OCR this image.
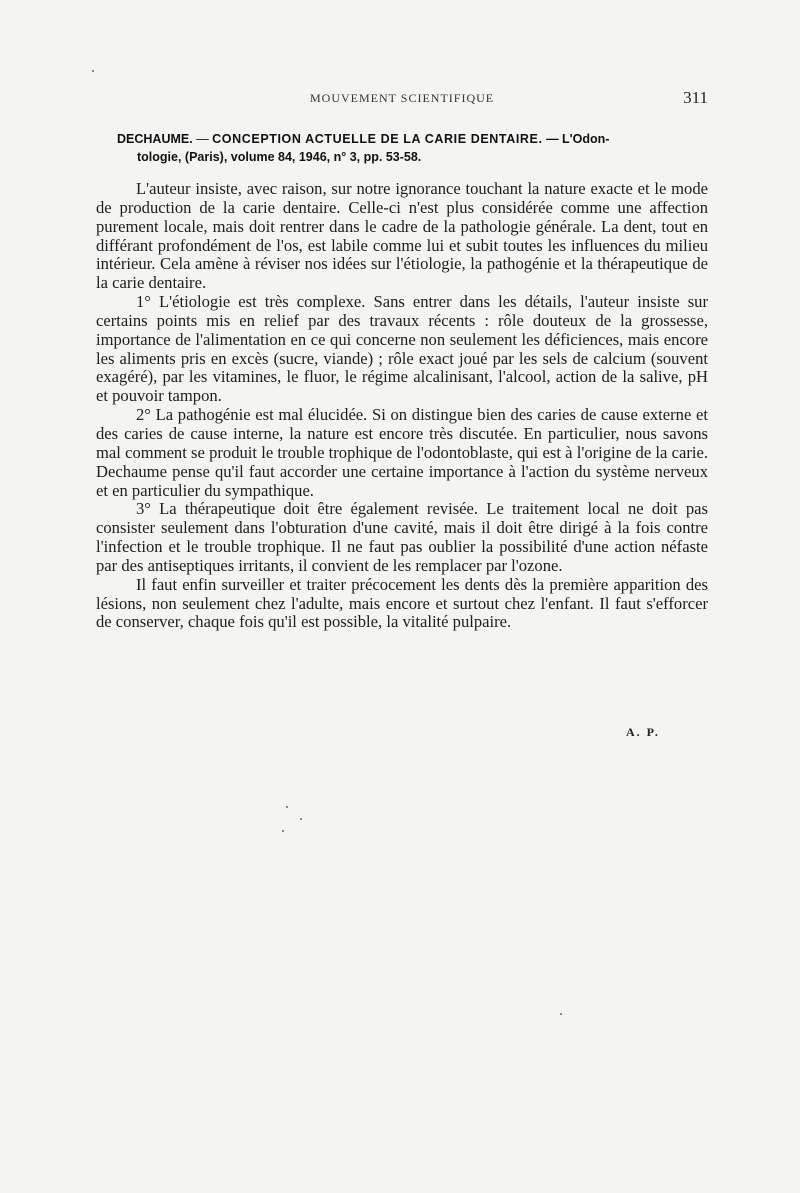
MOUVEMENT SCIENTIFIQUE	311
DECHAUME. — CONCEPTION ACTUELLE DE LA CARIE DENTAIRE. — L'Odon-
tologie, (Paris), volume 84, 1946, n° 3, pp. 53-58.

L'auteur insiste, avec raison, sur notre ignorance touchant la nature exacte et le mode de production de la carie dentaire. Celle-ci n'est plus considérée comme une affection purement locale, mais doit rentrer dans le cadre de la pathologie générale. La dent, tout en différant profondément de l'os, est labile comme lui et subit toutes les influences du milieu intérieur. Cela amène à réviser nos idées sur l'étiologie, la pathogénie et la thérapeutique de la carie dentaire.

1° L'étiologie est très complexe. Sans entrer dans les détails, l'auteur insiste sur certains points mis en relief par des travaux récents : rôle douteux de la grossesse, importance de l'alimentation en ce qui concerne non seulement les déficiences, mais encore les aliments pris en excès (sucre, viande) ; rôle exact joué par les sels de calcium (souvent exagéré), par les vitamines, le fluor, le régime alcalinisant, l'alcool, action de la salive, pH et pouvoir tampon.

2° La pathogénie est mal élucidée. Si on distingue bien des caries de cause externe et des caries de cause interne, la nature est encore très discutée. En particulier, nous savons mal comment se produit le trouble trophique de l'odontoblaste, qui est à l'origine de la carie. Dechaume pense qu'il faut accorder une certaine importance à l'action du système nerveux et en particulier du sympathique.

3° La thérapeutique doit être également revisée. Le traitement local ne doit pas consister seulement dans l'obturation d'une cavité, mais il doit être dirigé à la fois contre l'infection et le trouble trophique. Il ne faut pas oublier la possibilité d'une action néfaste par des antiseptiques irritants, il convient de les remplacer par l'ozone.

Il faut enfin surveiller et traiter précocement les dents dès la première apparition des lésions, non seulement chez l'adulte, mais encore et surtout chez l'enfant. Il faut s'efforcer de conserver, chaque fois qu'il est possible, la vitalité pulpaire.

A. P.
